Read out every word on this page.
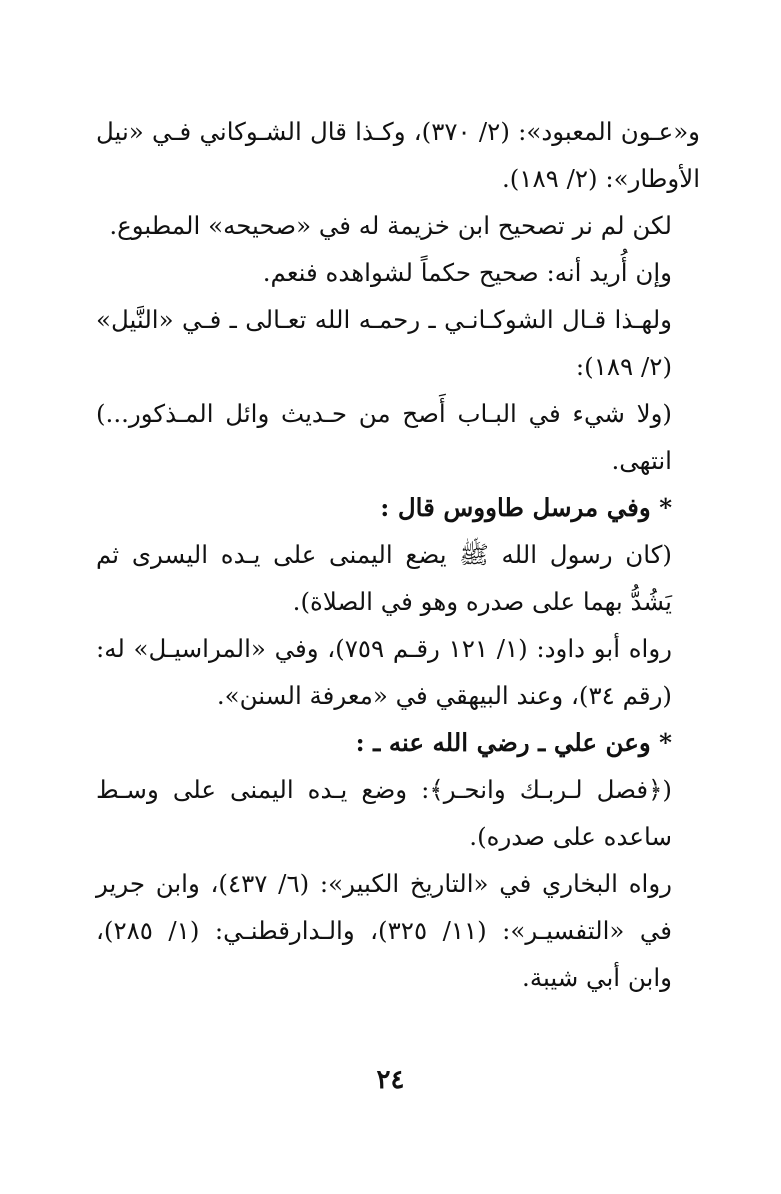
و«عـون المعبود»: (٢/ ٣٧٠)، وكـذا قال الشـوكاني فـي «نيل الأوطار»: (٢/ ١٨٩).

لكن لم نر تصحيح ابن خزيمة له في «صحيحه» المطبوع.

وإن أُريد أنه: صحيح حكماً لشواهده فنعم.

ولهـذا قـال الشوكـانـي ـ رحمـه الله تعـالى ـ فـي «النَّيل» (٢/ ١٨٩):

(ولا شيء في البـاب أَصح من حـديث وائل المـذكور...) انتهى.

* وفي مرسل طاووس قال :

(كان رسول الله ﷺ يضع اليمنى على يـده اليسرى ثم يَشُدُّ بهما على صدره وهو في الصلاة).

رواه أبو داود: (١/ ١٢١ رقـم ٧٥٩)، وفي «المراسيـل» له: (رقم ٣٤)، وعند البيهقي في «معرفة السنن».

* وعن علي ـ رضي الله عنه ـ :

(﴿فصل لـربـك وانحـر﴾: وضع يـده اليمنى على وسـط ساعده على صدره).

رواه البخاري في «التاريخ الكبير»: (٦/ ٤٣٧)، وابن جرير في «التفسيـر»: (١١/ ٣٢٥)، والـدارقطنـي: (١/ ٢٨٥)، وابن أبي شيبة.

٢٤
